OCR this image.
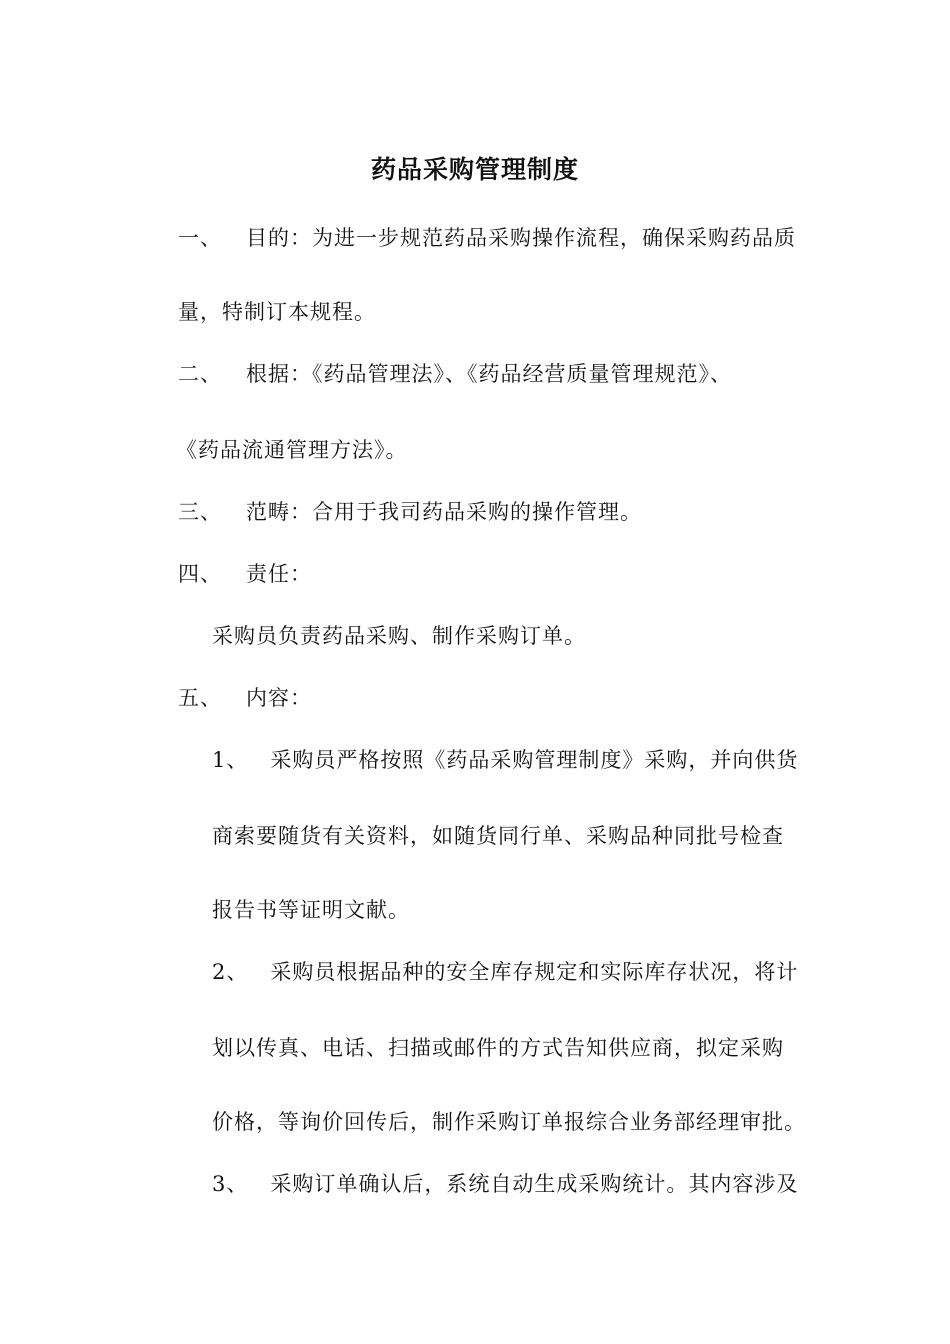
药品采购管理制度
一、 目的：为进一步规范药品采购操作流程，确保采购药品质
量，特制订本规程。
二、 根据：《药品管理法》、《药品经营质量管理规范》、
《药品流通管理方法》。
三、 范畴：合用于我司药品采购的操作管理。
四、 责任：
采购员负责药品采购、制作采购订单。
五、 内容：
1、 采购员严格按照《药品采购管理制度》采购，并向供货
商索要随货有关资料，如随货同行单、采购品种同批号检查
报告书等证明文献。
2、 采购员根据品种的安全库存规定和实际库存状况，将计
划以传真、电话、扫描或邮件的方式告知供应商，拟定采购
价格，等询价回传后，制作采购订单报综合业务部经理审批。
3、 采购订单确认后，系统自动生成采购统计。其内容涉及
